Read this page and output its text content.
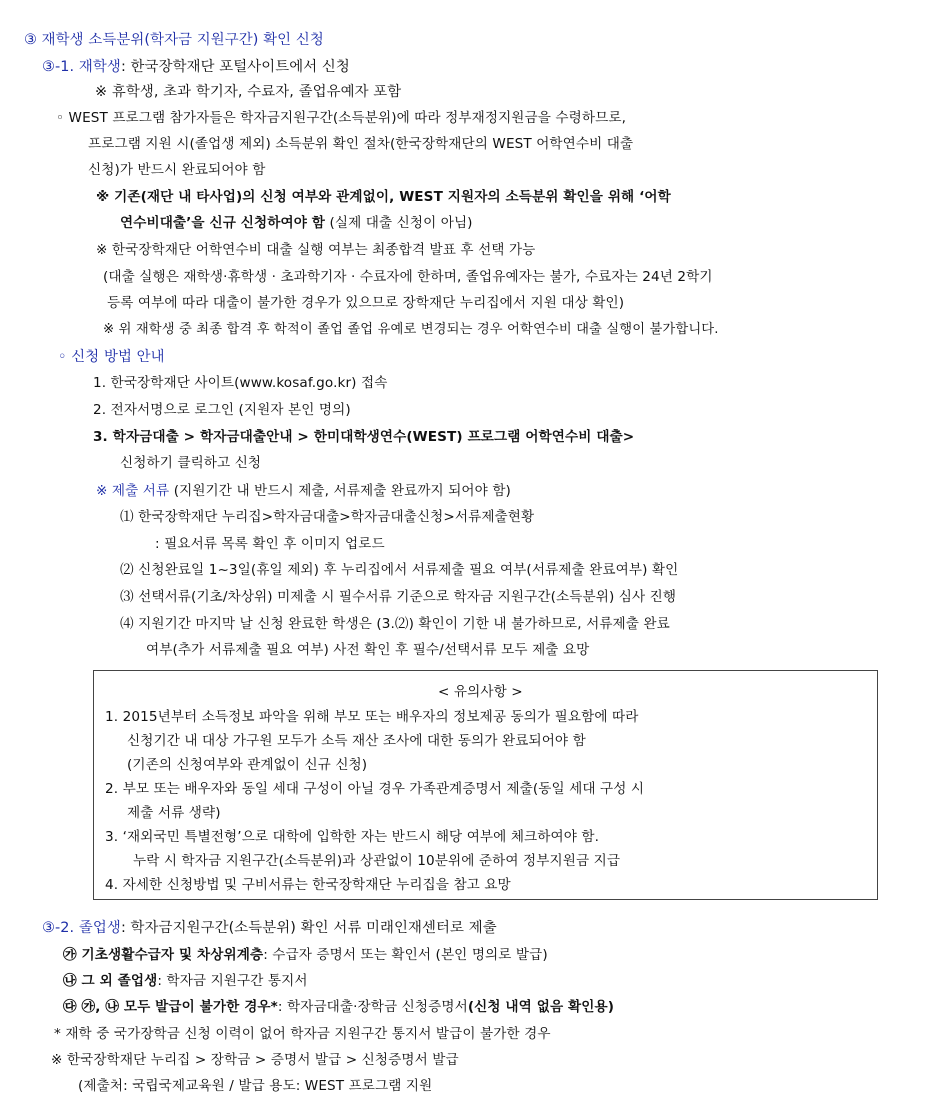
③ 재학생 소득분위(학자금 지원구간) 확인 신청
③-1. 재학생: 한국장학재단 포털사이트에서 신청
※ 휴학생, 초과 학기자, 수료자, 졸업유예자 포함
◦ WEST 프로그램 참가자들은 학자금지원구간(소득분위)에 따라 정부재정지원금을 수령하므로,
프로그램 지원 시(졸업생 제외) 소득분위 확인 절차(한국장학재단의 WEST 어학연수비 대출
신청)가 반드시 완료되어야 함
※ 기존(재단 내 타사업)의 신청 여부와 관계없이, WEST 지원자의 소득분위 확인을 위해 ‘어학
연수비대출’을 신규 신청하여야 함 (실제 대출 신청이 아님)
※ 한국장학재단 어학연수비 대출 실행 여부는 최종합격 발표 후 선택 가능
(대출 실행은 재학생·휴학생 · 초과학기자 · 수료자에 한하며, 졸업유예자는 불가, 수료자는 24년 2학기
등록 여부에 따라 대출이 불가한 경우가 있으므로 장학재단 누리집에서 지원 대상 확인)
※ 위 재학생 중 최종 합격 후 학적이 졸업 졸업 유예로 변경되는 경우 어학연수비 대출 실행이 불가합니다.
◦ 신청 방법 안내
1. 한국장학재단 사이트(www.kosaf.go.kr) 접속
2. 전자서명으로 로그인 (지원자 본인 명의)
3. 학자금대출 > 학자금대출안내 > 한미대학생연수(WEST) 프로그램 어학연수비 대출>
신청하기 클릭하고 신청
※ 제출 서류 (지원기간 내 반드시 제출, 서류제출 완료까지 되어야 함)
⑴ 한국장학재단 누리집>학자금대출>학자금대출신청>서류제출현황
: 필요서류 목록 확인 후 이미지 업로드
⑵ 신청완료일 1~3일(휴일 제외) 후 누리집에서 서류제출 필요 여부(서류제출 완료여부) 확인
⑶ 선택서류(기초/차상위) 미제출 시 필수서류 기준으로 학자금 지원구간(소득분위) 심사 진행
⑷ 지원기간 마지막 날 신청 완료한 학생은 (3.⑵) 확인이 기한 내 불가하므로, 서류제출 완료
여부(추가 서류제출 필요 여부) 사전 확인 후 필수/선택서류 모두 제출 요망
< 유의사항 >
1. 2015년부터 소득정보 파악을 위해 부모 또는 배우자의 정보제공 동의가 필요함에 따라
신청기간 내 대상 가구원 모두가 소득 재산 조사에 대한 동의가 완료되어야 함
(기존의 신청여부와 관계없이 신규 신청)
2. 부모 또는 배우자와 동일 세대 구성이 아닐 경우 가족관계증명서 제출(동일 세대 구성 시
제출 서류 생략)
3. ‘재외국민 특별전형’으로 대학에 입학한 자는 반드시 해당 여부에 체크하여야 함.
누락 시 학자금 지원구간(소득분위)과 상관없이 10분위에 준하여 정부지원금 지급
4. 자세한 신청방법 및 구비서류는 한국장학재단 누리집을 참고 요망
③-2. 졸업생: 학자금지원구간(소득분위) 확인 서류 미래인재센터로 제출
㉮ 기초생활수급자 및 차상위계층: 수급자 증명서 또는 확인서 (본인 명의로 발급)
㉯ 그 외 졸업생: 학자금 지원구간 통지서
㉰ ㉮, ㉯ 모두 발급이 불가한 경우*: 학자금대출·장학금 신청증명서(신청 내역 없음 확인용)
* 재학 중 국가장학금 신청 이력이 없어 학자금 지원구간 통지서 발급이 불가한 경우
※ 한국장학재단 누리집 > 장학금 > 증명서 발급 > 신청증명서 발급
(제출처: 국립국제교육원 / 발급 용도: WEST 프로그램 지원
